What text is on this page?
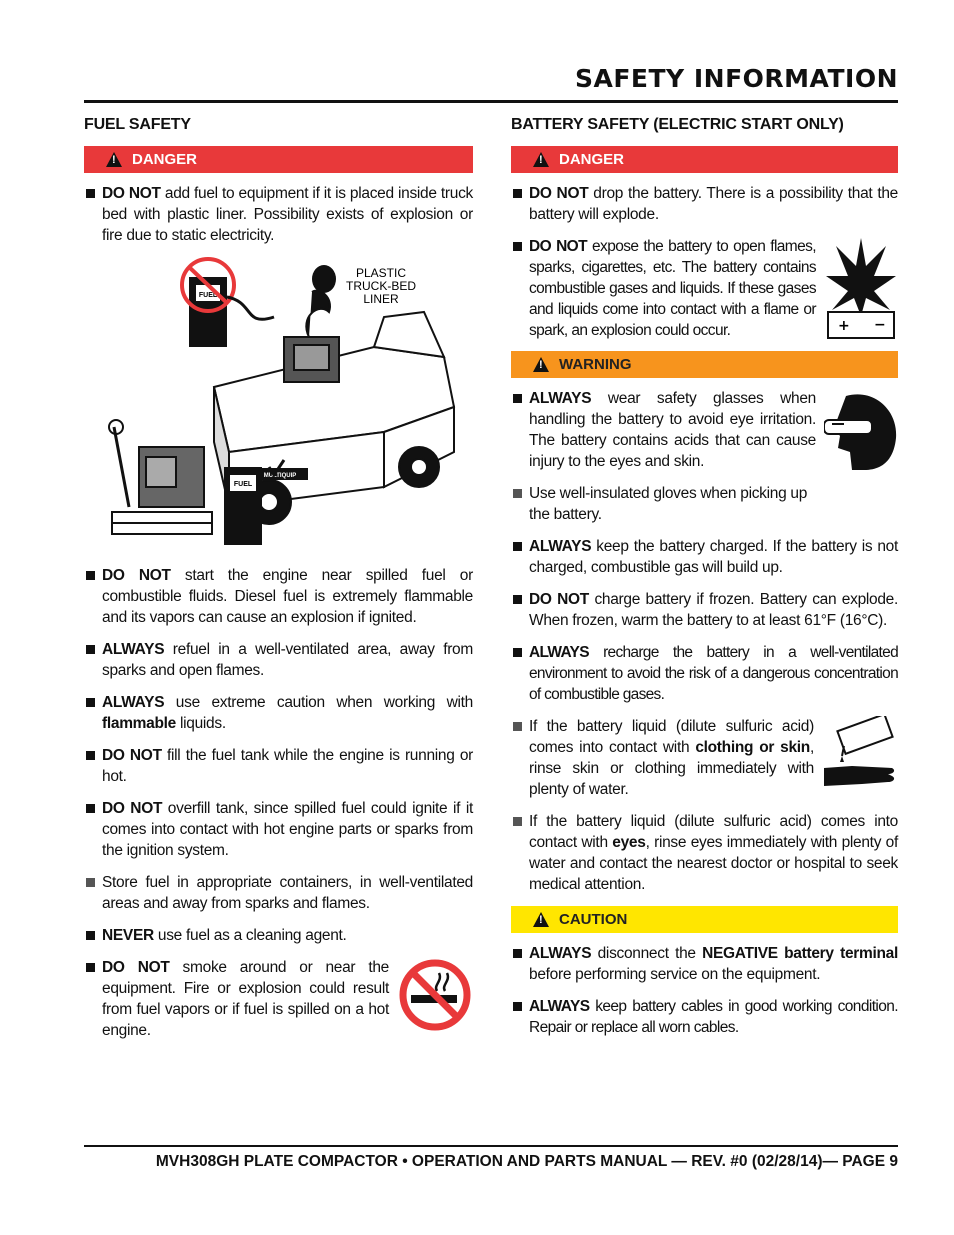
SAFETY INFORMATION
FUEL SAFETY
!
DANGER
DO NOT add fuel to equipment if it is placed inside truck bed with plastic liner. Possibility exists of explosion or fire due to static electricity.
FUEL
MULTIQUIP
PLASTIC
TRUCK-BED
LINER
FUEL
DO NOT start the engine near spilled fuel or combustible fluids. Diesel fuel is extremely flammable and its vapors can cause an explosion if ignited.
ALWAYS refuel in a well-ventilated area, away from sparks and open flames.
ALWAYS use extreme caution when working with flammable liquids.
DO NOT fill the fuel tank while the engine is running or hot.
DO NOT overfill tank, since spilled fuel could ignite if it comes into contact with hot engine parts or sparks from the ignition system.
Store fuel in appropriate containers, in well-ventilated areas and away from sparks and flames.
NEVER use fuel as a cleaning agent.
DO NOT smoke around or near the equipment. Fire or explosion could result from fuel vapors or if fuel is spilled on a hot engine.
BATTERY SAFETY (ELECTRIC START ONLY)
!
DANGER
DO NOT drop the battery. There is a possibility that the battery will explode.
DO NOT expose the battery to open flames, sparks, cigarettes, etc. The battery contains combustible gases and liquids. If these gases and liquids come into contact with a flame or spark, an explosion could occur.	+ −
!
WARNING
ALWAYS wear safety glasses when handling the battery to avoid eye irritation. The battery contains acids that can cause injury to the eyes and skin.
Use well-insulated gloves when picking up the battery.
ALWAYS keep the battery charged. If the battery is not charged, combustible gas will build up.
DO NOT charge battery if frozen. Battery can explode. When frozen, warm the battery to at least 61°F (16°C).
ALWAYS recharge the battery in a well-ventilated environment to avoid the risk of a dangerous concentration of combustible gases.
If the battery liquid (dilute sulfuric acid) comes into contact with clothing or skin, rinse skin or clothing immediately with plenty of water.
If the battery liquid (dilute sulfuric acid) comes into contact with eyes, rinse eyes immediately with plenty of water and contact the nearest doctor or hospital to seek medical attention.
!
CAUTION
ALWAYS disconnect the NEGATIVE battery terminal before performing service on the equipment.
ALWAYS keep battery cables in good working condition. Repair or replace all worn cables.

MVH308GH PLATE COMPACTOR • OPERATION AND PARTS MANUAL — REV. #0 (02/28/14)— PAGE 9
